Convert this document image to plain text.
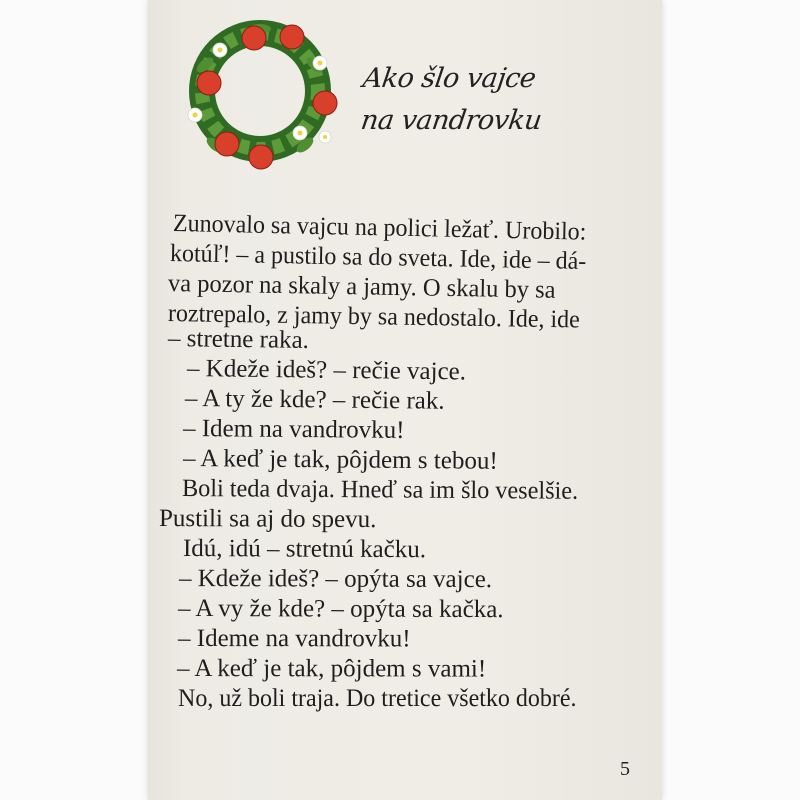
Ako šlo vajce
na vandrovku
Zunovalo sa vajcu na polici ležať. Urobilo:
kotúľ! – a pustilo sa do sveta. Ide, ide – dá-
va pozor na skaly a jamy. O skalu by sa
roztrepalo, z jamy by sa nedostalo. Ide, ide
– stretne raka.
– Kdeže ideš? – rečie vajce.
– A ty že kde? – rečie rak.
– Idem na vandrovku!
– A keď je tak, pôjdem s tebou!
Boli teda dvaja. Hneď sa im šlo veselšie.
Pustili sa aj do spevu.
Idú, idú – stretnú kačku.
– Kdeže ideš? – opýta sa vajce.
– A vy že kde? – opýta sa kačka.
– Ideme na vandrovku!
– A keď je tak, pôjdem s vami!
No, už boli traja. Do tretice všetko dobré.
5
